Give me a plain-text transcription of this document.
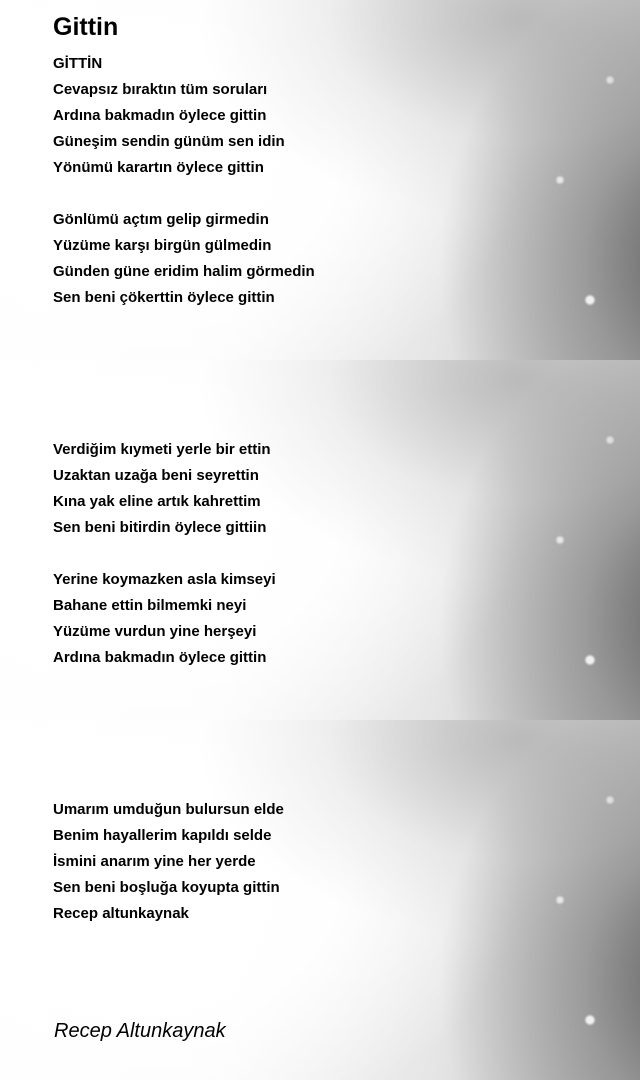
Gittin
GİTTİN
Cevapsız bıraktın tüm soruları
Ardına bakmadın öylece gittin
Güneşim sendin günüm sen idin
Yönümü karartın öylece gittin
Gönlümü açtım gelip girmedin
Yüzüme karşı birgün gülmedin
Günden güne eridim halim görmedin
Sen beni çökerttin öylece gittin
Verdiğim kıymeti yerle bir ettin
Uzaktan uzağa beni seyrettin
Kına yak eline artık kahrettim
Sen beni bitirdin öylece gittiin
Yerine koymazken asla kimseyi
Bahane ettin bilmemki neyi
Yüzüme vurdun yine herşeyi
Ardına bakmadın öylece gittin
Umarım umduğun bulursun elde
Benim hayallerim kapıldı selde
İsmini anarım yine her yerde
Sen beni boşluğa koyupta gittin
Recep altunkaynak
Recep Altunkaynak
